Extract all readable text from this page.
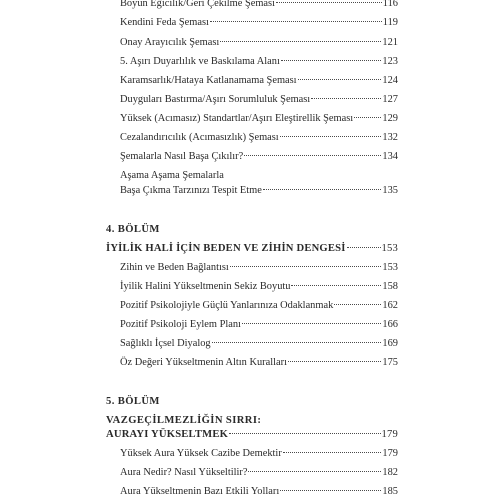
Boyun Eğicilik/Geri Çekilme Şeması	116
Kendini Feda Şeması	119
Onay Arayıcılık Şeması	121
5. Aşırı Duyarlılık ve Baskılama Alanı	123
Karamsarlık/Hataya Katlanamama Şeması	124
Duyguları Bastırma/Aşırı Sorumluluk Şeması	127
Yüksek (Acımasız) Standartlar/Aşırı Eleştirellik Şeması	129
Cezalandırıcılık (Acımasızlık) Şeması	132
Şemalarla Nasıl Başa Çıkılır?	134
Aşama Aşama Şemalarla
Başa Çıkma Tarzınızı Tespit Etme	135
4. BÖLÜM
İYİLİK HALİ İÇİN BEDEN VE ZİHİN DENGESİ	153
Zihin ve Beden Bağlantısı	153
İyilik Halini Yükseltmenin Sekiz Boyutu	158
Pozitif Psikolojiyle Güçlü Yanlarınıza Odaklanmak	162
Pozitif Psikoloji Eylem Planı	166
Sağlıklı İçsel Diyalog	169
Öz Değeri Yükseltmenin Altın Kuralları	175
5. BÖLÜM
VAZGEÇİLMEZLİĞİN SIRRI:
AURAYI YÜKSELTMEK	179
Yüksek Aura Yüksek Cazibe Demektir	179
Aura Nedir? Nasıl Yükseltilir?	182
Aura Yükseltmenin Bazı Etkili Yolları	185
